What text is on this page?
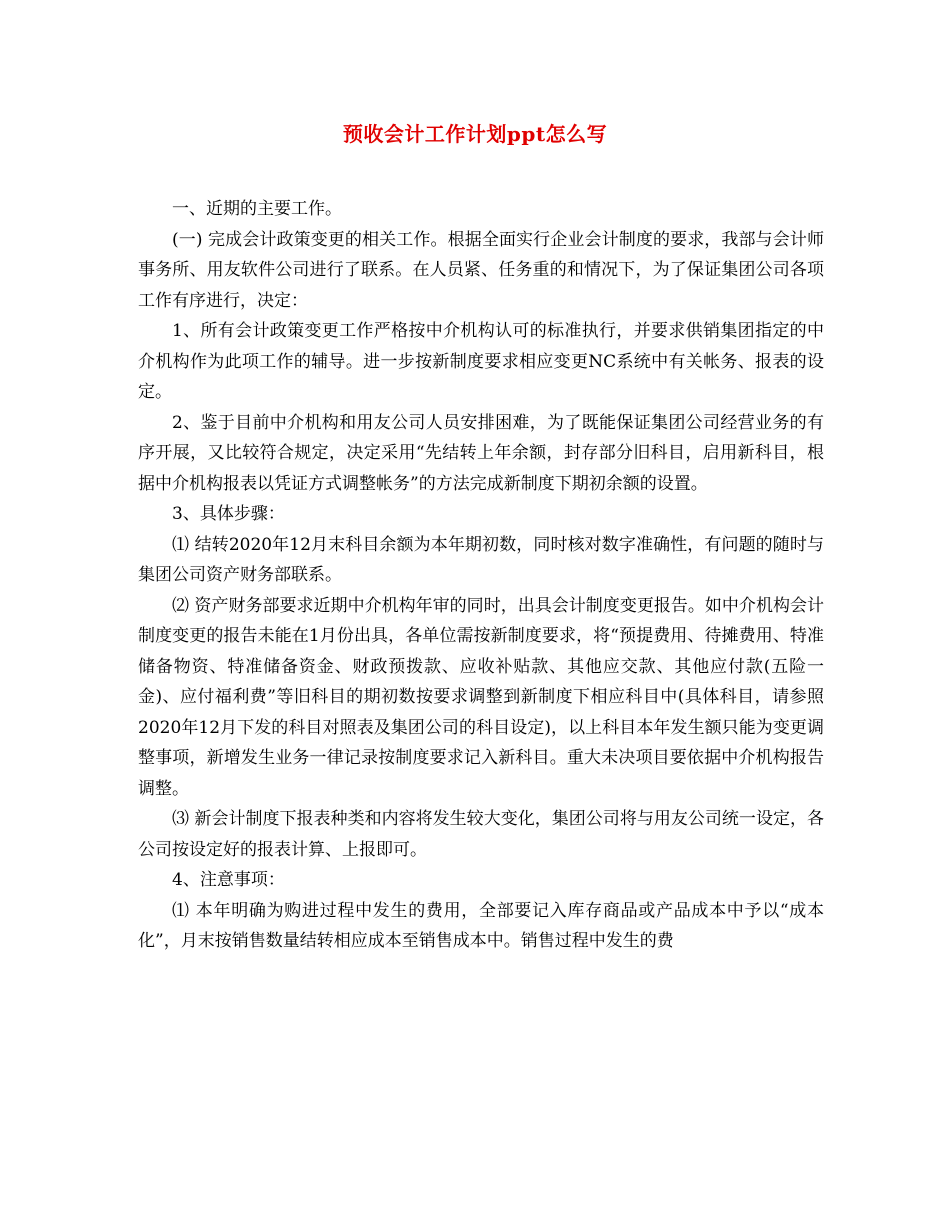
预收会计工作计划ppt怎么写

一、近期的主要工作。

(一) 完成会计政策变更的相关工作。根据全面实行企业会计制度的要求，我部与会计师事务所、用友软件公司进行了联系。在人员紧、任务重的和情况下，为了保证集团公司各项工作有序进行，决定：

1、所有会计政策变更工作严格按中介机构认可的标准执行，并要求供销集团指定的中介机构作为此项工作的辅导。进一步按新制度要求相应变更NC系统中有关帐务、报表的设定。

2、鉴于目前中介机构和用友公司人员安排困难，为了既能保证集团公司经营业务的有序开展，又比较符合规定，决定采用“先结转上年余额，封存部分旧科目，启用新科目，根据中介机构报表以凭证方式调整帐务”的方法完成新制度下期初余额的设置。

3、具体步骤：

⑴ 结转2020年12月末科目余额为本年期初数，同时核对数字准确性，有问题的随时与集团公司资产财务部联系。

⑵ 资产财务部要求近期中介机构年审的同时，出具会计制度变更报告。如中介机构会计制度变更的报告未能在1月份出具，各单位需按新制度要求，将“预提费用、待摊费用、特准储备物资、特准储备资金、财政预拨款、应收补贴款、其他应交款、其他应付款(五险一金)、应付福利费”等旧科目的期初数按要求调整到新制度下相应科目中(具体科目，请参照2020年12月下发的科目对照表及集团公司的科目设定)，以上科目本年发生额只能为变更调整事项，新增发生业务一律记录按制度要求记入新科目。重大未决项目要依据中介机构报告调整。

⑶ 新会计制度下报表种类和内容将发生较大变化，集团公司将与用友公司统一设定，各公司按设定好的报表计算、上报即可。

4、注意事项：

⑴ 本年明确为购进过程中发生的费用，全部要记入库存商品或产品成本中予以“成本化”，月末按销售数量结转相应成本至销售成本中。销售过程中发生的费
